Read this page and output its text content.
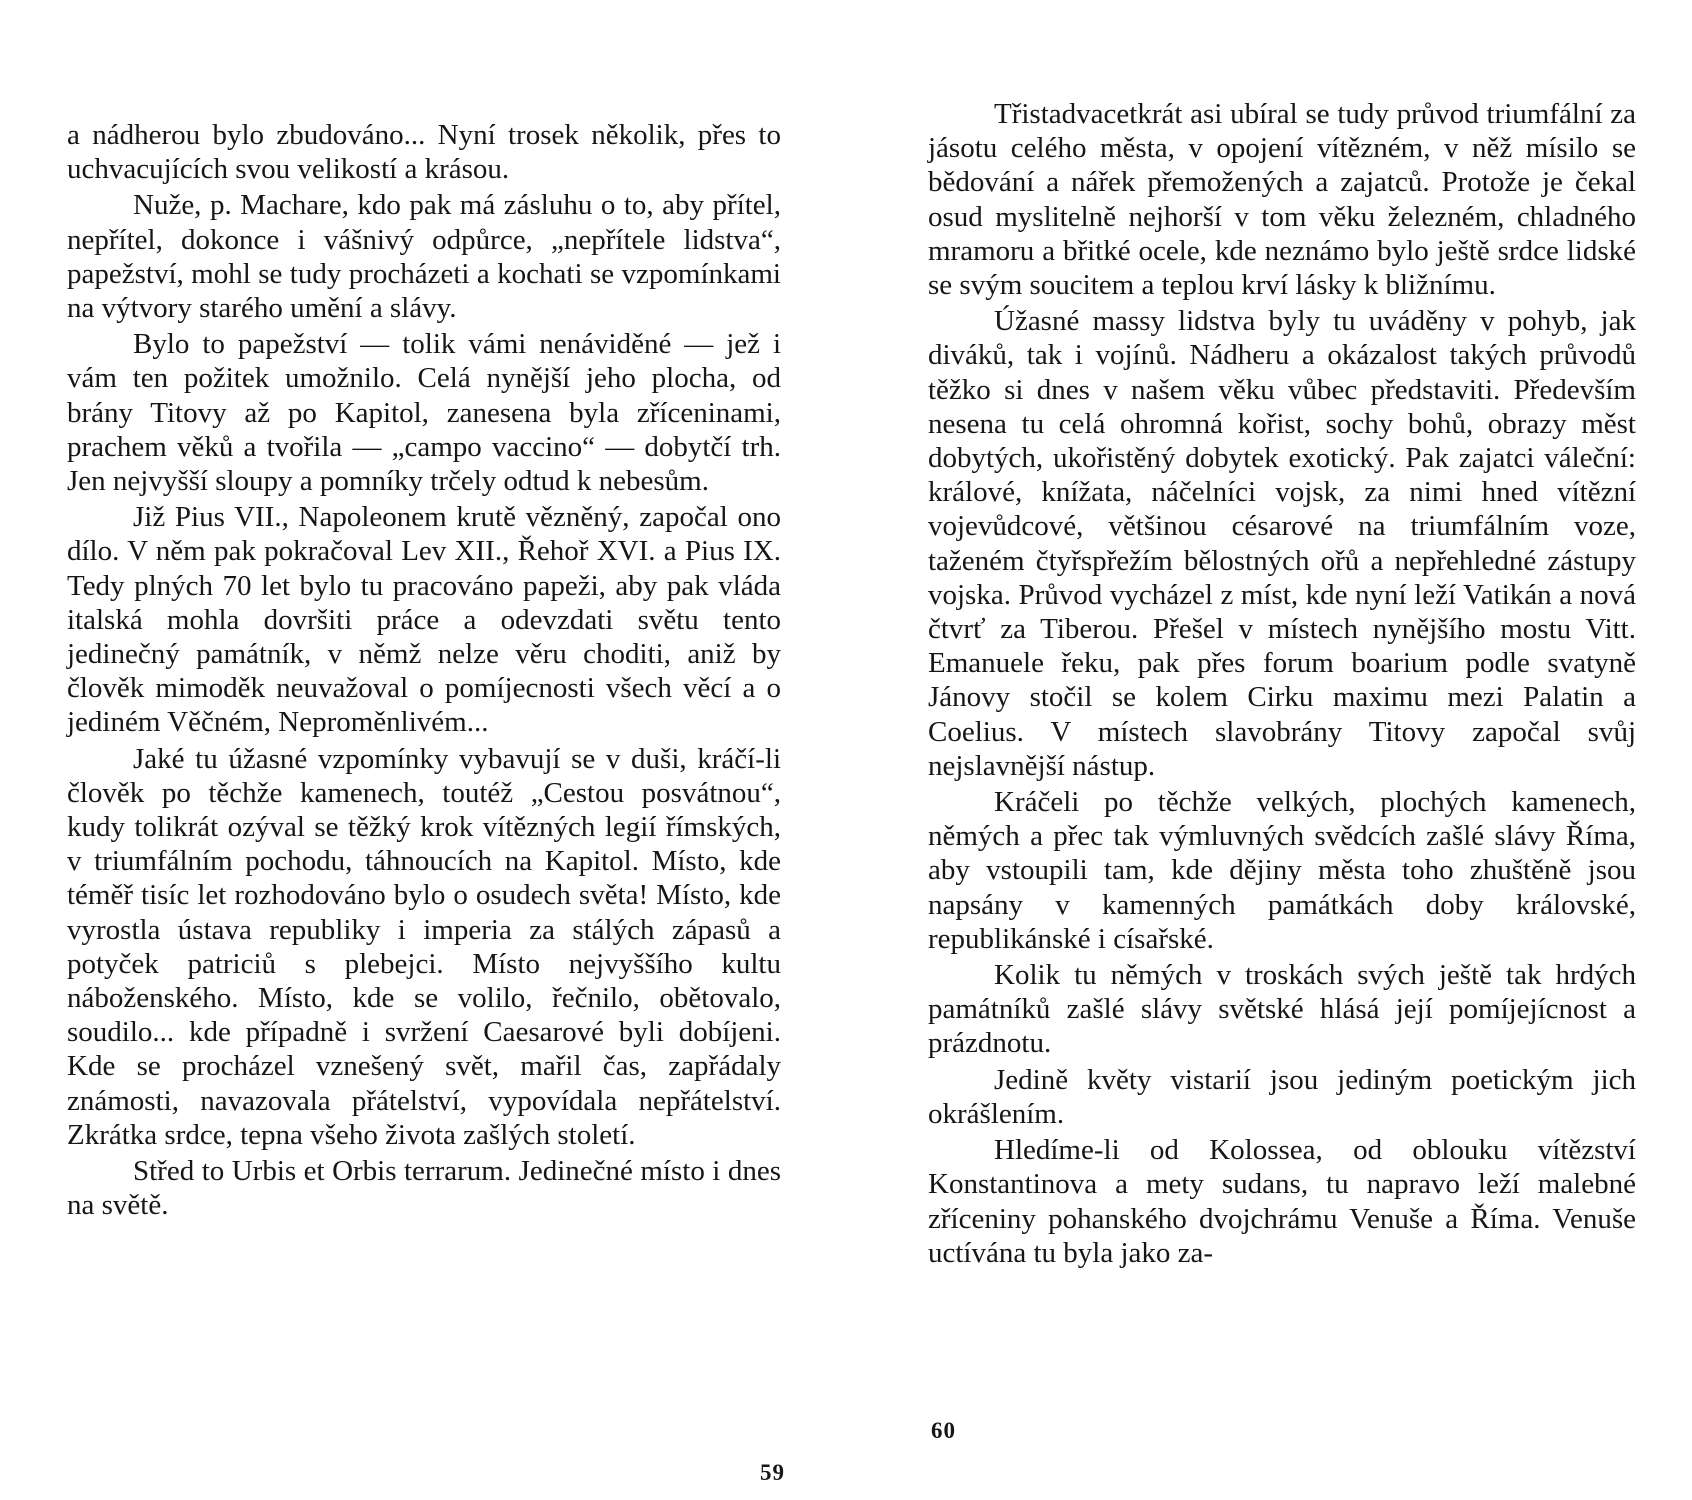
a nádherou bylo zbudováno... Nyní trosek několik, přes to uchvacujících svou velikostí a krásou.

Nuže, p. Machare, kdo pak má zásluhu o to, aby přítel, nepřítel, dokonce i vášnivý odpůrce, „nepřítele lidstva“, papežství, mohl se tudy procházeti a kochati se vzpomínkami na výtvory starého umění a slávy.

Bylo to papežství — tolik vámi nenáviděné — jež i vám ten požitek umožnilo. Celá nynější jeho plocha, od brány Titovy až po Kapitol, zanesena byla zříceninami, prachem věků a tvořila — „campo vaccino“ — dobytčí trh. Jen nejvyšší sloupy a pomníky trčely odtud k nebesům.

Již Pius VII., Napoleonem krutě vězněný, započal ono dílo. V něm pak pokračoval Lev XII., Řehoř XVI. a Pius IX. Tedy plných 70 let bylo tu pracováno papeži, aby pak vláda italská mohla dovršiti práce a odevzdati světu tento jedinečný památník, v němž nelze věru choditi, aniž by člověk mimoděk neuvažoval o pomíjecnosti všech věcí a o jediném Věčném, Neproměnlivém...

Jaké tu úžasné vzpomínky vybavují se v duši, kráčí-li člověk po těchže kamenech, toutéž „Cestou posvátnou“, kudy tolikrát ozýval se těžký krok vítězných legií římských, v triumfálním pochodu, táhnoucích na Kapitol. Místo, kde téměř tisíc let rozhodováno bylo o osudech světa! Místo, kde vyrostla ústava republiky i imperia za stálých zápasů a potyček patriciů s plebejci. Místo nejvyššího kultu náboženského. Místo, kde se volilo, řečnilo, obětovalo, soudilo... kde případně i svržení Caesarové byli dobíjeni. Kde se procházel vznešený svět, mařil čas, zapřádaly známosti, navazovala přátelství, vypovídala nepřátelství. Zkrátka srdce, tepna všeho života zašlých století.

Střed to Urbis et Orbis terrarum. Jedinečné místo i dnes na světě.

59

Třistadvacetkrát asi ubíral se tudy průvod triumfální za jásotu celého města, v opojení vítězném, v něž mísilo se bědování a nářek přemožených a zajatců. Protože je čekal osud myslitelně nejhorší v tom věku železném, chladného mramoru a břitké ocele, kde neznámo bylo ještě srdce lidské se svým soucitem a teplou krví lásky k bližnímu.

Úžasné massy lidstva byly tu uváděny v pohyb, jak diváků, tak i vojínů. Nádheru a okázalost takých průvodů těžko si dnes v našem věku vůbec představiti. Především nesena tu celá ohromná kořist, sochy bohů, obrazy měst dobytých, ukořistěný dobytek exotický. Pak zajatci váleční: králové, knížata, náčelníci vojsk, za nimi hned vítězní vojevůdcové, většinou césarové na triumfálním voze, taženém čtyřspřežím bělostných ořů a nepřehledné zástupy vojska. Průvod vycházel z míst, kde nyní leží Vatikán a nová čtvrť za Tiberou. Přešel v místech nynějšího mostu Vitt. Emanuele řeku, pak přes forum boarium podle svatyně Jánovy stočil se kolem Cirku maximu mezi Palatin a Coelius. V místech slavobrány Titovy započal svůj nejslavnější nástup.

Kráčeli po těchže velkých, plochých kamenech, němých a přec tak výmluvných svědcích zašlé slávy Říma, aby vstoupili tam, kde dějiny města toho zhuštěně jsou napsány v kamenných památkách doby královské, republikánské i císařské.

Kolik tu němých v troskách svých ještě tak hrdých památníků zašlé slávy světské hlásá její pomíjejícnost a prázdnotu.

Jedině květy vistarií jsou jediným poetickým jich okrášlením.

Hledíme-li od Kolossea, od oblouku vítězství Konstantinova a mety sudans, tu napravo leží malebné zříceniny pohanského dvojchrámu Venuše a Říma. Venuše uctívána tu byla jako za-

60
